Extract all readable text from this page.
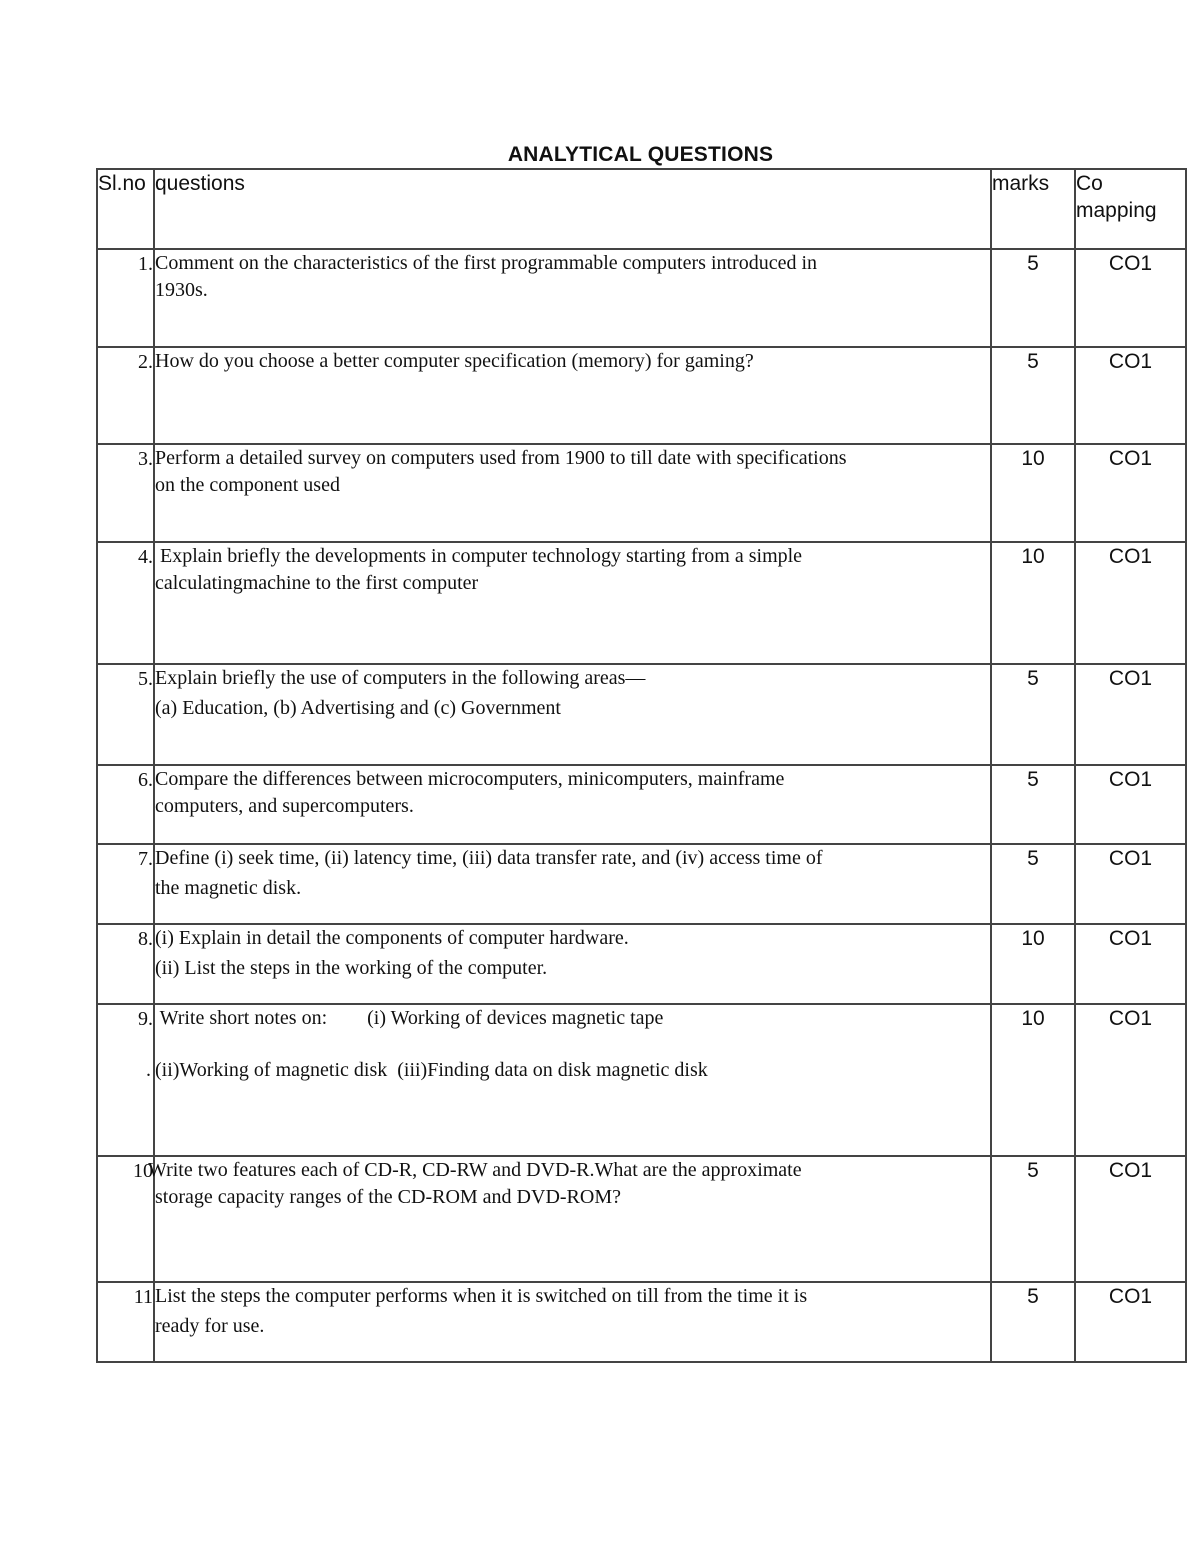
ANALYTICAL QUESTIONS
Sl.no	questions	marks	Co
mapping

1.	Comment on the characteristics of the first programmable computers introduced in
1930s.	5	CO1
2.	How do you choose a better computer specification (memory) for gaming?	5	CO1
3.	Perform a detailed survey on computers used from 1900 to till date with specifications
on the component used	10	CO1
4.	Explain briefly the developments in computer technology starting from a simple
calculatingmachine to the first computer	10	CO1
5.	Explain briefly the use of computers in the following areas—
(a) Education, (b) Advertising and (c) Government	5	CO1
6.	Compare the differences between microcomputers, minicomputers, mainframe
computers, and supercomputers.	5	CO1
7.	Define (i) seek time, (ii) latency time, (iii) data transfer rate, and (iv) access time of
the magnetic disk.	5	CO1
8.	(i) Explain in detail the components of computer hardware.
(ii) List the steps in the working of the computer.	10	CO1
9.	Write short notes on: (i) Working of devices magnetic tape
. (ii)Working of magnetic disk  (iii)Finding data on disk magnetic disk	10	CO1
10	Write two features each of CD-R, CD-RW and DVD-R.What are the approximate
storage capacity ranges of the CD-ROM and DVD-ROM?	5	CO1
11	List the steps the computer performs when it is switched on till from the time it is
ready for use.	5	CO1
